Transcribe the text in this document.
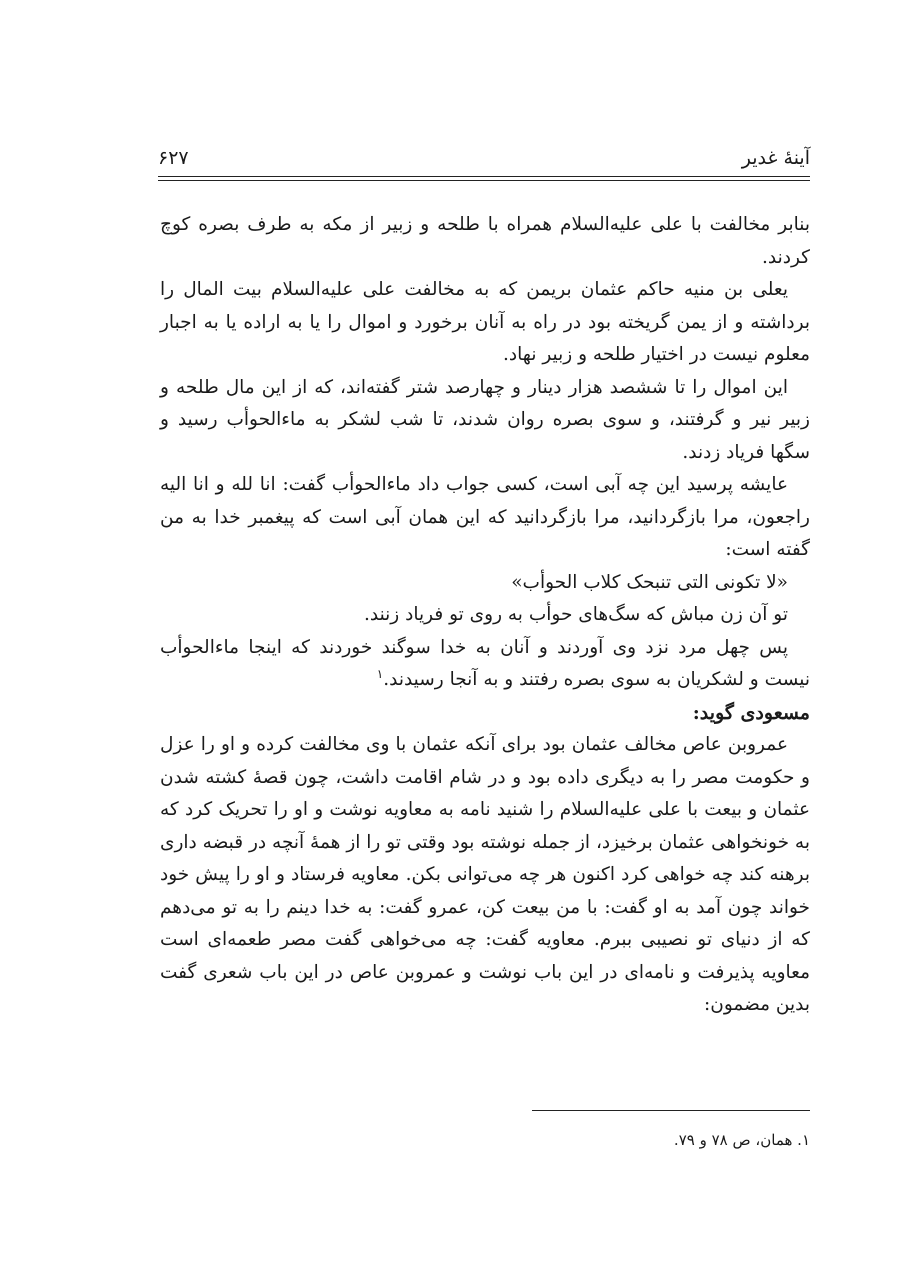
آینهٔ غدیر
۶۲۷

بنابر مخالفت با علی علیه‌السلام همراه با طلحه و زبیر از مکه به طرف بصره کوچ کردند.

یعلی بن منیه حاکم عثمان بریمن که به مخالفت علی علیه‌السلام بیت المال را برداشته و از یمن گریخته بود در راه به آنان برخورد و اموال را یا به اراده یا به اجبار معلوم نیست در اختیار طلحه و زبیر نهاد.

این اموال را تا ششصد هزار دینار و چهارصد شتر گفته‌اند، که از این مال طلحه و زبیر نیر و گرفتند، و سوی بصره روان شدند، تا شب لشکر به ماءالحوأب رسید و سگها فریاد زدند.

عایشه پرسید این چه آبی است، کسی جواب داد ماءالحوأب گفت: انا لله و انا الیه راجعون، مرا بازگردانید، مرا بازگردانید که این همان آبی است که پیغمبر خدا به من گفته است:

«لا تکونی التی تنبحک کلاب الحوأب»

تو آن زن مباش که سگ‌های حوأب به روی تو فریاد زنند.

پس چهل مرد نزد وی آوردند و آنان به خدا سوگند خوردند که اینجا ماءالحوأب نیست و لشکریان به سوی بصره رفتند و به آنجا رسیدند.$^۱$

مسعودی گوید:

عمروبن عاص مخالف عثمان بود برای آنکه عثمان با وی مخالفت کرده و او را عزل و حکومت مصر را به دیگری داده بود و در شام اقامت داشت، چون قصهٔ کشته شدن عثمان و بیعت با علی علیه‌السلام را شنید نامه به معاویه نوشت و او را تحریک کرد که به خونخواهی عثمان برخیزد، از جمله نوشته بود وقتی تو را از همهٔ آنچه در قبضه داری برهنه کند چه خواهی کرد اکنون هر چه می‌توانی بکن. معاویه فرستاد و او را پیش خود خواند چون آمد به او گفت: با من بیعت کن، عمرو گفت: به خدا دینم را به تو می‌دهم که از دنیای تو نصیبی ببرم. معاویه گفت: چه می‌خواهی گفت مصر طعمه‌ای است معاویه پذیرفت و نامه‌ای در این باب نوشت و عمروبن عاص در این باب شعری گفت بدین مضمون:

۱. همان، ص ۷۸ و ۷۹.
